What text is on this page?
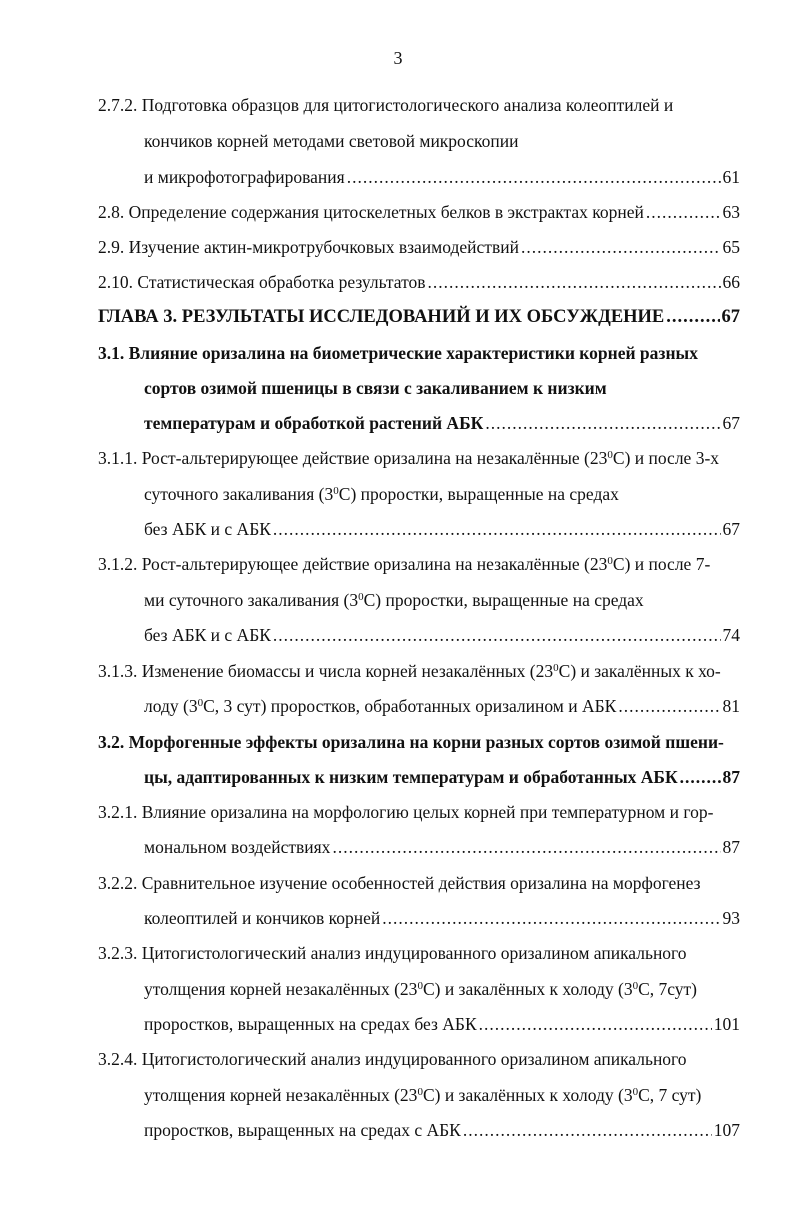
3
2.7.2. Подготовка образцов для цитогистологического анализа колеоптилей и
кончиков корней методами световой микроскопии
и микрофотографирования .....	61
2.8. Определение содержания цитоскелетных белков в экстрактах корней .....	63
2.9. Изучение актин-микротрубочковых взаимодействий .....	65
2.10. Статистическая обработка результатов .....	66
ГЛАВА 3. РЕЗУЛЬТАТЫ ИССЛЕДОВАНИЙ И ИХ ОБСУЖДЕНИЕ .....	67
3.1. Влияние оризалина на биометрические характеристики корней разных
сортов озимой пшеницы в связи с закаливанием к низким
температурам и обработкой растений АБК .....	67
3.1.1. Рост-альтерирующее действие оризалина на незакалённые $(23^0С)$ и после 3-х
суточного закаливания $(3^0С)$ проростки, выращенные на средах
без АБК и с АБК .....	67
3.1.2. Рост-альтерирующее действие оризалина на незакалённые $(23^0С)$ и после 7-
ми суточного закаливания $(3^0С)$ проростки, выращенные на средах
без АБК и с АБК .....	74
3.1.3. Изменение биомассы и числа корней незакалённых $(23^0С)$ и закалённых к хо-
лоду ($3^0С$, 3 сут) проростков, обработанных оризалином и АБК .....	81
3.2. Морфогенные эффекты оризалина на корни разных сортов озимой пшени-
цы, адаптированных к низким температурам и обработанных АБК .....	87
3.2.1. Влияние оризалина на морфологию целых корней при температурном и гор-
мональном воздействиях .....	87
3.2.2. Сравнительное изучение особенностей действия оризалина на морфогенез
колеоптилей и кончиков корней .....	93
3.2.3. Цитогистологический анализ индуцированного оризалином апикального
утолщения корней незакалённых $(23^0С)$ и закалённых к холоду ($3^0С$, 7сут)
проростков, выращенных на средах без АБК .....	101
3.2.4. Цитогистологический анализ индуцированного оризалином апикального
утолщения корней незакалённых $(23^0С)$ и закалённых к холоду ($3^0С$, 7 сут)
проростков, выращенных на средах с АБК .....	107
